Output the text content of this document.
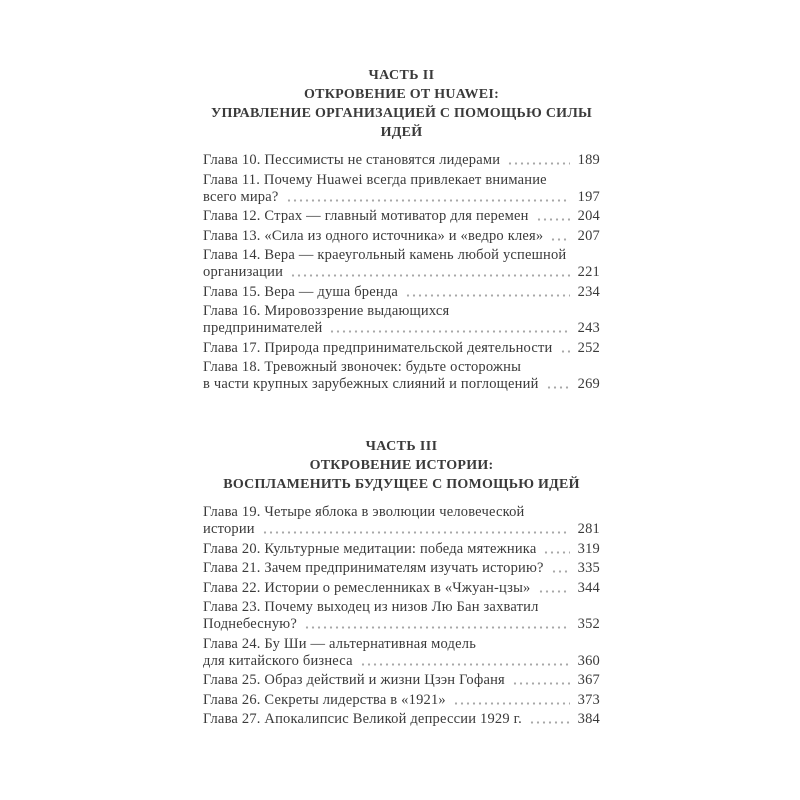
ЧАСТЬ II
ОТКРОВЕНИЕ ОТ HUAWEI:
УПРАВЛЕНИЕ ОРГАНИЗАЦИЕЙ С ПОМОЩЬЮ СИЛЫ ИДЕЙ
Глава 10. Пессимисты не становятся лидерами	189
Глава 11. Почему Huawei всегда привлекает внимание
всего мира?	197
Глава 12. Страх — главный мотиватор для перемен	204
Глава 13. «Сила из одного источника» и «ведро клея» 207
Глава 14. Вера — краеугольный камень любой успешной
организации	221
Глава 15. Вера — душа бренда	234
Глава 16. Мировоззрение выдающихся
предпринимателей	243
Глава 17. Природа предпринимательской деятельности 252
Глава 18. Тревожный звоночек: будьте осторожны
в части крупных зарубежных слияний и поглощений	269
ЧАСТЬ III
ОТКРОВЕНИЕ ИСТОРИИ:
ВОСПЛАМЕНИТЬ БУДУЩЕЕ С ПОМОЩЬЮ ИДЕЙ
Глава 19. Четыре яблока в эволюции человеческой
истории	281
Глава 20. Культурные медитации: победа мятежника	319
Глава 21. Зачем предпринимателям изучать историю? 335
Глава 22. Истории о ремесленниках в «Чжуан-цзы»	344
Глава 23. Почему выходец из низов Лю Бан захватил
Поднебесную?	352
Глава 24. Бу Ши — альтернативная модель
для китайского бизнеса	360
Глава 25. Образ действий и жизни Цзэн Гофаня	367
Глава 26. Секреты лидерства в «1921»	373
Глава 27. Апокалипсис Великой депрессии 1929 г.	384
